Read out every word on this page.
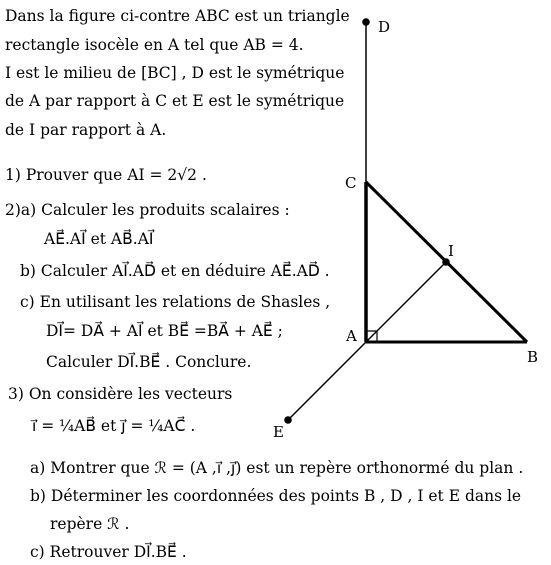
Dans la figure ci-contre ABC est un triangle
rectangle isocèle en A tel que AB = 4.
I est le milieu de [BC] , D est le symétrique
de A par rapport à C et E est le symétrique
de I par rapport à A.
1) Prouver que AI = 2√2 .
2)a) Calculer les produits scalaires :
AE⃗.AI⃗ et AB⃗.AI⃗
b) Calculer AI⃗.AD⃗ et en déduire AE⃗.AD⃗ .
c) En utilisant les relations de Shasles ,
DI⃗= DA⃗ + AI⃗ et BE⃗ =BA⃗ + AE⃗ ;
Calculer DI⃗.BE⃗ . Conclure.
3) On considère les vecteurs
i⃗ = ¼AB⃗ et j⃗ = ¼AC⃗ .
a) Montrer que ℛ = (A ,i⃗ ,j⃗) est un repère orthonormé du plan .
b) Déterminer les coordonnées des points B , D , I et E dans le
repère ℛ .
c) Retrouver DI⃗.BE⃗ .
D
C
I
A
B
E
